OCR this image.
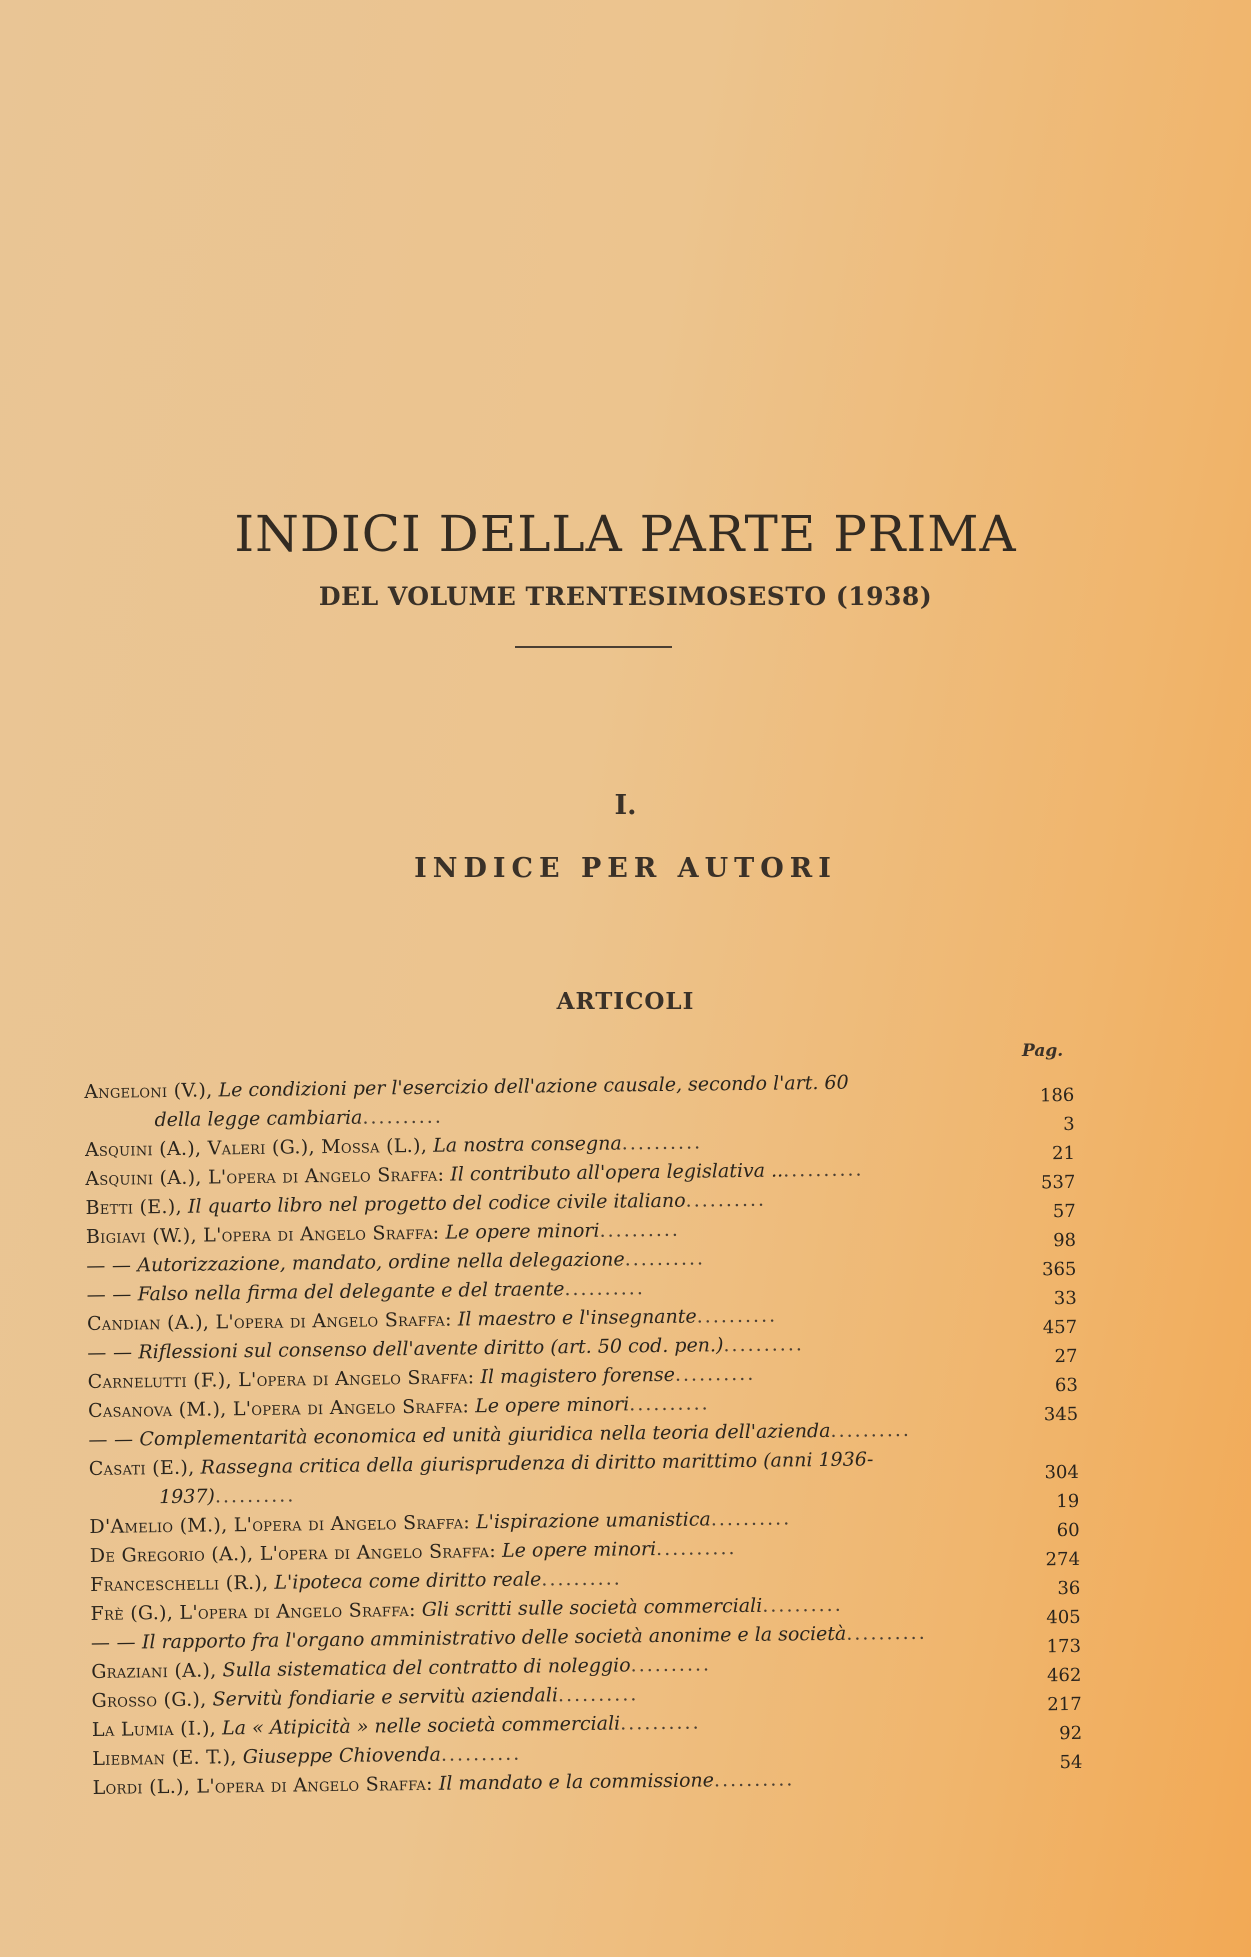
INDICI DELLA PARTE PRIMA
DEL VOLUME TRENTESIMOSESTO (1938)
I.
INDICE PER AUTORI
ARTICOLI
Pag.
Angeloni (V.), Le condizioni per l'esercizio dell'azione causale, secondo l'art. 60
della legge cambiaria..........
186
Asquini (A.), Valeri (G.), Mossa (L.), La nostra consegna..........
3
Asquini (A.), L'opera di Angelo Sraffa: Il contributo all'opera legislativa ............
21
Betti (E.), Il quarto libro nel progetto del codice civile italiano..........
537
Bigiavi (W.), L'opera di Angelo Sraffa: Le opere minori..........
57
— — Autorizzazione, mandato, ordine nella delegazione..........
98
— — Falso nella firma del delegante e del traente..........
365
Candian (A.), L'opera di Angelo Sraffa: Il maestro e l'insegnante..........
33
— — Riflessioni sul consenso dell'avente diritto (art. 50 cod. pen.)..........
457
Carnelutti (F.), L'opera di Angelo Sraffa: Il magistero forense..........
27
Casanova (M.), L'opera di Angelo Sraffa: Le opere minori..........
63
— — Complementarità economica ed unità giuridica nella teoria dell'azienda..........
345
Casati (E.), Rassegna critica della giurisprudenza di diritto marittimo (anni 1936-
1937)..........
304
D'Amelio (M.), L'opera di Angelo Sraffa: L'ispirazione umanistica..........
19
De Gregorio (A.), L'opera di Angelo Sraffa: Le opere minori..........
60
Franceschelli (R.), L'ipoteca come diritto reale..........
274
Frè (G.), L'opera di Angelo Sraffa: Gli scritti sulle società commerciali..........
36
— — Il rapporto fra l'organo amministrativo delle società anonime e la società..........
405
Graziani (A.), Sulla sistematica del contratto di noleggio..........
173
Grosso (G.), Servitù fondiarie e servitù aziendali..........
462
La Lumia (I.), La « Atipicità » nelle società commerciali..........
217
Liebman (E. T.), Giuseppe Chiovenda..........
92
Lordi (L.), L'opera di Angelo Sraffa: Il mandato e la commissione..........
54
